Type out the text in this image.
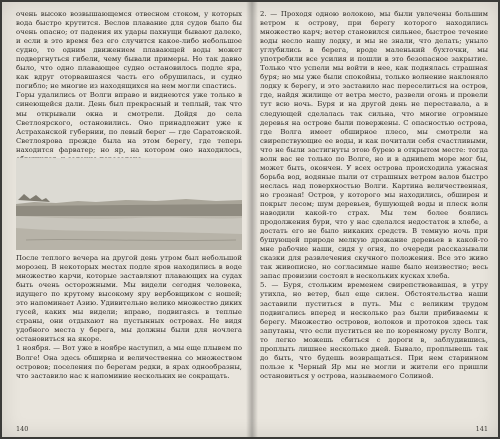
очень высоко возвышающемся отвесном стоком, у которых вода быстро крутится. Веслов плавание для судов было бы очень опасно; от падения их удары пахнущи бывают далеко, и если в это время без его случится какое-либо небольшое судно, то одним движением плавающей воды может подвергнуться гибели, чему бывали примеры. Но так давно было, что одно плавающее судно остановилось подле яра, как вдруг оторвавшаяся часть его обрушилась, и судно погибло; не многие из находящихся на нем могли спастись.
Горы удалились от Волги вправо и виднеются уже только в синеющейся дали. День был прекрасный и теплый, так что мы открывали окна и смотрели. Дойдя до села Светлоярского, остановились. Оно принадлежит уже к Астраханской губернии, по левый берег — где Саратовской. Светлоярова прежде была на этом берегу, где теперь находится фарватер; но яр, на котором оно находилось,

После теплого вечера на другой день утром был небольшой морозец. В некоторых местах подле яров находились в воде множество карчи, которые заставляют плавающих на судах быть очень осторожными. Мы видели сегодня человека, идущего по крутому высокому яру вербовщиком с ношей; это напоминает Азию. Удивительно велико множество диких гусей, каких мы видели; вправо, подвигаясь в теплые страны, они отдыхают на пустынных островах. Не видя удобного места у берега, мы должны были для ночлега остановиться на якоре.
1 ноября. — Вот уже в ноябре наступил, а мы еще плывем по Волге! Она здесь обширна и величественна со множеством островов; поселения по берегам редки, в ярах однообразны, что заставило нас к напоминие нескольких не сокращать.

140

2. — Проходя одною волокою, мы были увлечены большим ветром к острову, при берегу которого находились множество карч; ветер становился сильнее, быстрое течение воды несло нашу лодку, и мы не знали, что делать; уныло углубились в берега, вроде маленький бухточки, мы употребили все усилия и пошли в это безопасное закрытие. Только что успели мы войти в нее, как поднялась страшная буря; но мы уже были спокойны, только волнение наклоняло лодку к берегу, и это заставило нас переселиться на остров, где, найдя жилище от ветра место, развели огонь и провели тут всю ночь. Буря и на другой день не переставала, а в следующей сделалась так сильна, что многие огромные деревья на острове были повержены. С опасностью острова, где Волга имеет обширное плесо, мы смотрели на свирепствующие ее воды, и как почитали себя счастливыми, что не были застигнуты этою бурею в открытом месте: тогда волн вас не только по Волге, но и в адниnem море мог бы, может быть, окончен. У всех острова происходила ужасная борьба вод, водяные пыли от страшных ветром валов быстро неслась над поверхностью Волги. Картина величественная, но грозная! Остров, у которого мы находились, обширен и покрыт лесом; шум деревьев, бушующей воды и плеск волн наводили какой-то страх. Мы тем более боялись продолжения бури, что у нас сделался недостаток в хлебе, а достать его не было никаких средств. В темную ночь при бушующей природе мелкую дрожание деревьев в какой-то мне рабочие наши, сидя у огня, по очереди рассказывали сказки для развлечения скучного положения. Все это живо так живописно, но согласимые наше было неизвестно; весь запас провизии состоял в нескольких кусках хлеба.
5. — Буря, стольким временем свирепствовавшая, в утру утихла, но ветер, был еще силен. Обстоятельства наши заставили пуститься в путь. Мы с великим трудом подвигались вперед и несколько раз были прибиваемы к берегу. Множество островов, волоков и протоков здесь так запутаны, что если пуститься не по коренному руслу Волги, то легко можешь сбиться с дороги в, заблудившись, проплыть лишнее несколько дней. Бывало, проплывешь так до быть, что будешь возвращаться. При нем старинном пользе к Черный Яр мы не могли и жители его пришли остановиться у острова, называемого Солиной.

141
